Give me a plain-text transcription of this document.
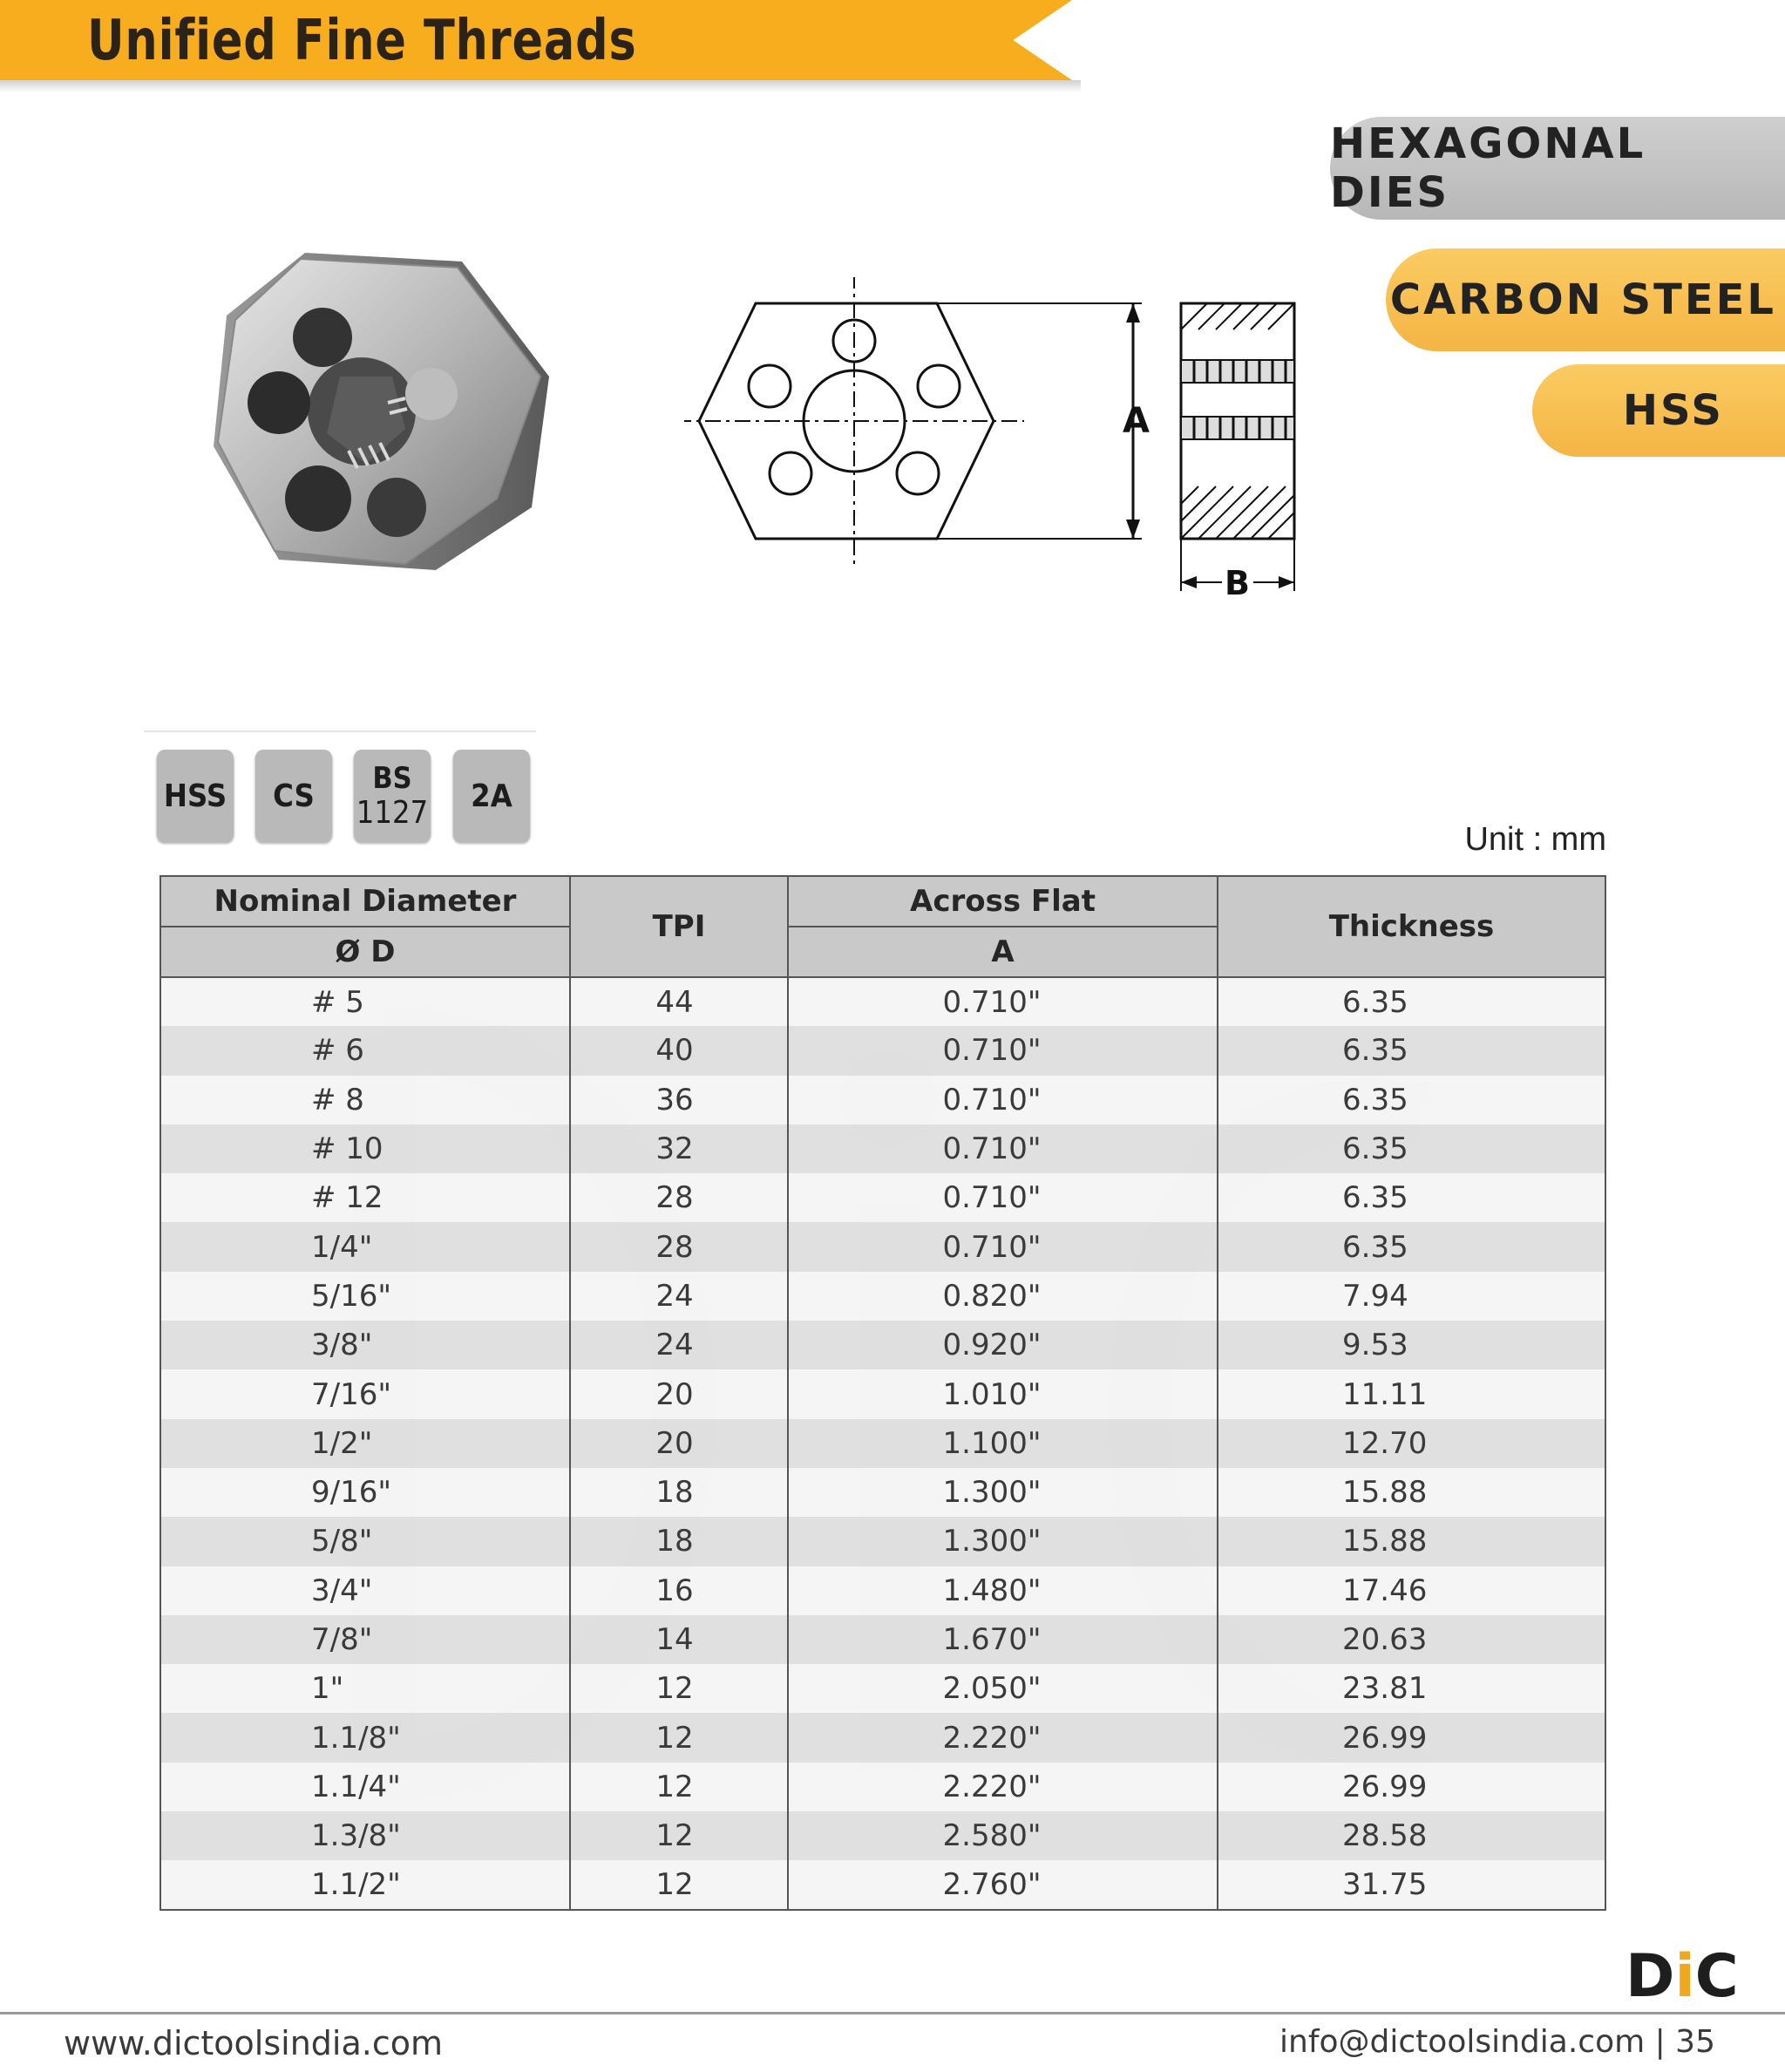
Unified Fine Threads
HEXAGONAL DIES
CARBON STEEL
HSS
A
B
HSS CS BS
1127 2A
Unit : mm
Nominal Diameter	TPI	Across Flat	Thickness
Ø D		A	
# 5	44	0.710"	6.35
# 6	40	0.710"	6.35
# 8	36	0.710"	6.35
# 10	32	0.710"	6.35
# 12	28	0.710"	6.35
1/4"	28	0.710"	6.35
5/16"	24	0.820"	7.94
3/8"	24	0.920"	9.53
7/16"	20	1.010"	11.11
1/2"	20	1.100"	12.70
9/16"	18	1.300"	15.88
5/8"	18	1.300"	15.88
3/4"	16	1.480"	17.46
7/8"	14	1.670"	20.63
1"	12	2.050"	23.81
1.1/8"	12	2.220"	26.99
1.1/4"	12	2.220"	26.99
1.3/8"	12	2.580"	28.58
1.1/2"	12	2.760"	31.75
DiC
www.dictoolsindia.com	info@dictoolsindia.com | 35
